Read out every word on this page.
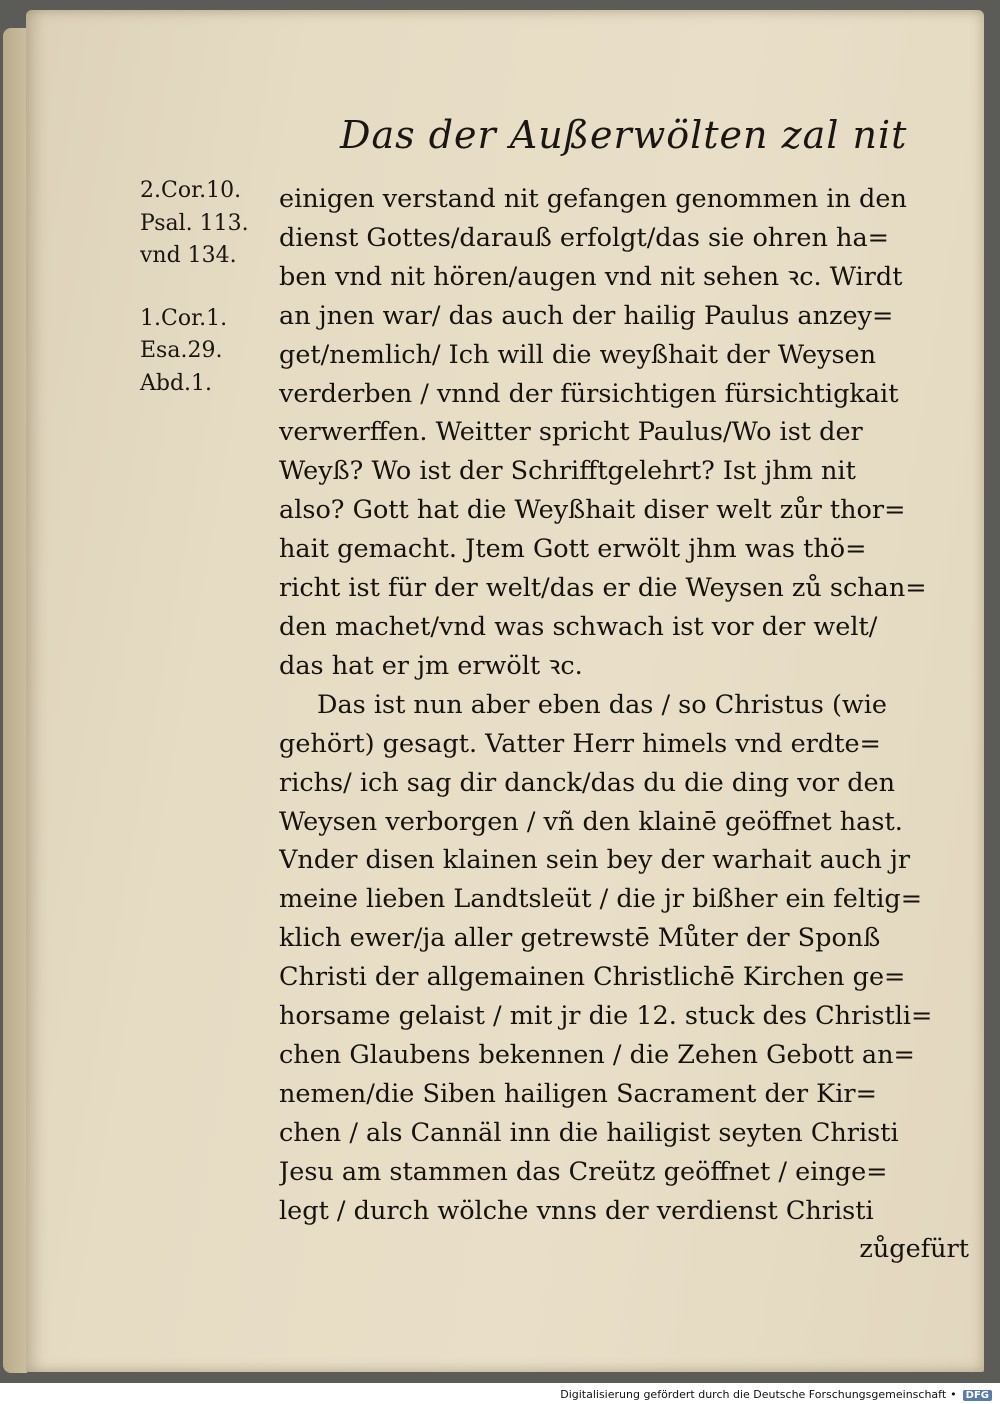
Das der Außerwölten zal nit
2.Cor.10.
Psal. 113.
vnd 134.
1.Cor.1.
Esa.29.
Abd.1.
einigen verstand nit gefangen genommen in den
dienst Gottes/darauß erfolgt/das sie ohren ha=
ben vnd nit hören/augen vnd nit sehen ꝛc. Wirdt
an jnen war/ das auch der hailig Paulus anzey=
get/nemlich/ Ich will die weyßhait der Weysen
verderben / vnnd der fürsichtigen fürsichtigkait
verwerffen. Weitter spricht Paulus/Wo ist der
Weyß? Wo ist der Schrifftgelehrt? Ist jhm nit
also? Gott hat die Weyßhait diser welt zůr thor=
hait gemacht. Jtem Gott erwölt jhm was thö=
richt ist für der welt/das er die Weysen zů schan=
den machet/vnd was schwach ist vor der welt/
das hat er jm erwölt ꝛc.
Das ist nun aber eben das / so Christus (wie
gehört) gesagt. Vatter Herr himels vnd erdte=
richs/ ich sag dir danck/das du die ding vor den
Weysen verborgen / vñ den klainē geöffnet hast.
Vnder disen klainen sein bey der warhait auch jr
meine lieben Landtsleüt / die jr bißher ein feltig=
klich ewer/ja aller getrewstē Můter der Sponß
Christi der allgemainen Christlichē Kirchen ge=
horsame gelaist / mit jr die 12. stuck des Christli=
chen Glaubens bekennen / die Zehen Gebott an=
nemen/die Siben hailigen Sacrament der Kir=
chen / als Cannäl inn die hailigist seyten Christi
Jesu am stammen das Creütz geöffnet / einge=
legt / durch wölche vnns der verdienst Christi
zůgefürt
Digitalisierung gefördert durch die Deutsche Forschungsgemeinschaft • DFG
